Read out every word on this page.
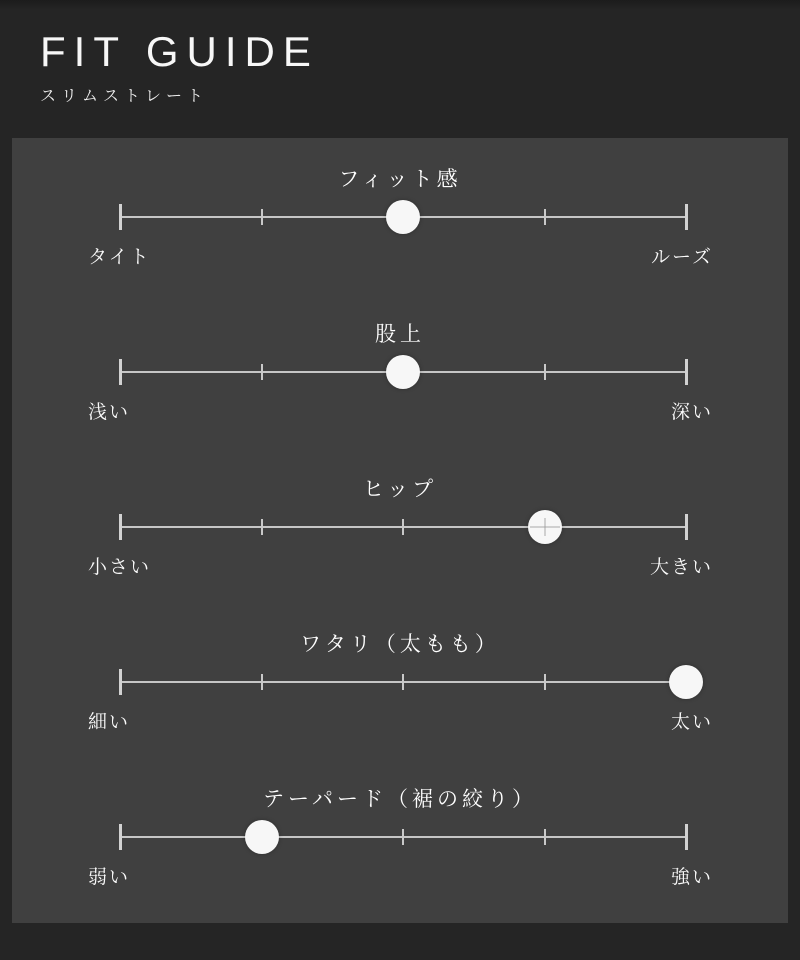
FIT GUIDE
スリムストレート
フィット感
タイト	ルーズ
股上
浅い	深い
ヒップ
小さい	大きい
ワタリ（太もも）
細い	太い
テーパード（裾の絞り）
弱い	強い
